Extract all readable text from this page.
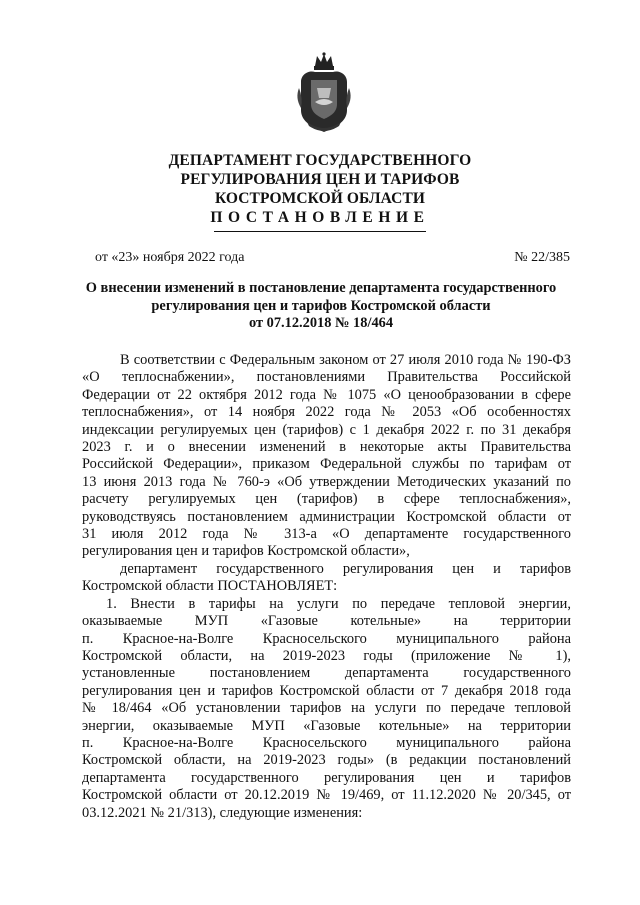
ДЕПАРТАМЕНТ ГОСУДАРСТВЕННОГО
РЕГУЛИРОВАНИЯ ЦЕН И ТАРИФОВ
КОСТРОМСКОЙ ОБЛАСТИ
ПОСТАНОВЛЕНИЕ
от «23» ноября 2022 года	№ 22/385
О внесении изменений в постановление департамента государственного
регулирования цен и тарифов Костромской области
от 07.12.2018 № 18/464
В соответствии с Федеральным законом от 27 июля 2010 года № 190-ФЗ
«О теплоснабжении», постановлениями Правительства Российской
Федерации от 22 октября 2012 года № 1075 «О ценообразовании в сфере
теплоснабжения», от 14 ноября 2022 года № 2053 «Об особенностях
индексации регулируемых цен (тарифов) с 1 декабря 2022 г. по 31 декабря
2023 г. и о внесении изменений в некоторые акты Правительства
Российской Федерации», приказом Федеральной службы по тарифам от
13 июня 2013 года № 760-э «Об утверждении Методических указаний по
расчету регулируемых цен (тарифов) в сфере теплоснабжения»,
руководствуясь постановлением администрации Костромской области от
31 июля 2012 года № 313-а «О департаменте государственного
регулирования цен и тарифов Костромской области»,
департамент государственного регулирования цен и тарифов
Костромской области ПОСТАНОВЛЯЕТ:
1. Внести в тарифы на услуги по передаче тепловой энергии,
оказываемые МУП «Газовые котельные» на территории
п. Красное-на-Волге Красносельского муниципального района
Костромской области, на 2019-2023 годы (приложение № 1),
установленные постановлением департамента государственного
регулирования цен и тарифов Костромской области от 7 декабря 2018 года
№ 18/464 «Об установлении тарифов на услуги по передаче тепловой
энергии, оказываемые МУП «Газовые котельные» на территории
п. Красное-на-Волге Красносельского муниципального района
Костромской области, на 2019-2023 годы» (в редакции постановлений
департамента государственного регулирования цен и тарифов
Костромской области от 20.12.2019 № 19/469, от 11.12.2020 № 20/345, от
03.12.2021 № 21/313), следующие изменения:
